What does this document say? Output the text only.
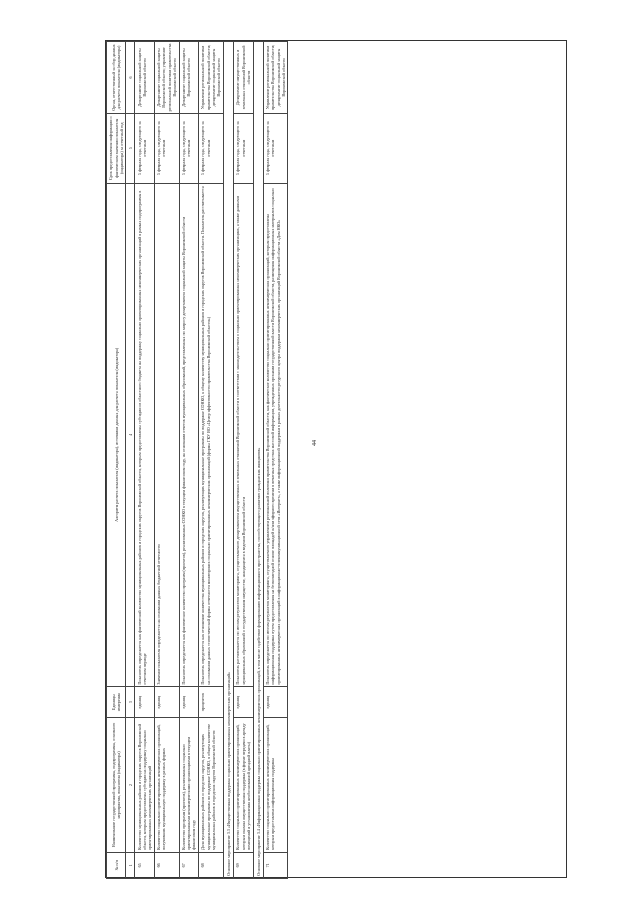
44
№ п/п	Наименование государственной программы, подпрограммы, основного мероприятия, показателя (индикатора)	Единицы измерения	Алгоритм расчета показателя (индикатора), источники данных для расчета показателя (индикатора)	Срок предоставления информации о фактическом значении показателя (индикатора) за отчетный год	Орган, ответственный за сбор данных для расчета показателя (индикатора)
1	2	3	4	5	6
65	Количество муниципальных районов и городских округов Воронежской области, которым предоставлены субсидии на поддержку социально ориентированных некоммерческих организаций	единиц	Показатель определяется как фактический количество муниципальных районов и городских округов Воронежской области, которым предоставлены субсидии из областного бюджета на поддержку социально ориентированных некоммерческих организаций в рамках подпрограммы в отчетном периоде	5 февраля года, следующего за отчетным	Департамент социальной защиты Воронежской области
66	Количество социально ориентированных некоммерческих организаций, получивших муниципальную поддержку в разных формах	единиц	Значение показателя определяется на основании данных бюджетной отчетности	5 февраля года, следующего за отчетным	Департамент социальной защиты Воронежской области; управление региональной политики правительства Воронежской области
67	Количество программ (проектов), реализованных социально ориентированными некоммерческими организациями в текущем финансовом году	единиц	Показатель определяется как фактическое количество программ (проектов), реализованных СОНКО в текущем финансовом году, на основании отчетов муниципальных образований, представленных по запросу департамента социальной защиты Воронежской области	5 февраля года, следующего за отчетным	Департамент социальной защиты Воронежской области
68	Доля муниципальных районов и городских округов, реализующих муниципальные программы по поддержке СОНКО, в общем количестве муниципальных районов и городских округов Воронежской области	процентов	Показатель определяется как отношение количества муниципальных районов и городских округов, реализующих муниципальные программы по поддержке СОНКО, к общему количеству муниципальных районов и городских округов Воронежской области. Показатель рассчитывается на основании данных статистической формы отчетности мониторинга социально ориентированных некоммерческих организаций (формы ГКУ ВО «Центр эффективности правительства Воронежской области»)	5 февраля года, следующего за отчетным	Управление региональной политики правительства Воронежской области; департамент социальной защиты Воронежской области
Основное мероприятие 3.3 «Имущественная поддержка социально ориентированных некоммерческих организаций»					
69	Количество социально ориентированных некоммерческих организаций, которым оказана имущественная поддержка (в форме передачи в аренду помещений и установления необоснованной арендной платы)	единиц	Показатель рассчитывается по итогам результатов мониторинга, осуществляемого департаментом имущественных и земельных отношений Воронежской области в соответствии с законодательством о социально ориентированных некоммерческих организациях, а также данными муниципальных образований о государственном имуществе, находящемся в ведении Воронежской области	5 февраля года, следующего за отчетным	Департамент имущественных и земельных отношений Воронежской области
Основное мероприятие 3.4 «Информационная поддержка социально ориентированных некоммерческих организаций, в том числе содействие формированию информационного пространства, способствующего развитию гражданских инициатив»					
71	Количество социально ориентированных некоммерческих организаций, которым предоставлена информационная поддержка	единиц	Показатель определяется по итогам результатов мониторинга, осуществляемого управлением региональной политики правительства Воронежской области, как фактическое количество социально ориентированных некоммерческих организаций, которым предоставлена информационная поддержка путем предоставления на безвозмездной основе площадей и/или эфирного времени в печатных средствах массовой информации, учрежденных органами государственной власти Воронежской области, размещения информационных материалов социально ориентированных некоммерческих организаций в информационно-телекоммуникационной сети «Интернет», а также информационной поддержки в рамках деятельности ресурсного центра поддержки некоммерческих организаций Воронежской области «Дом НКО»	5 февраля года, следующего за отчетным	Управление региональной политики правительства Воронежской области; департамент социальной защиты Воронежской области
